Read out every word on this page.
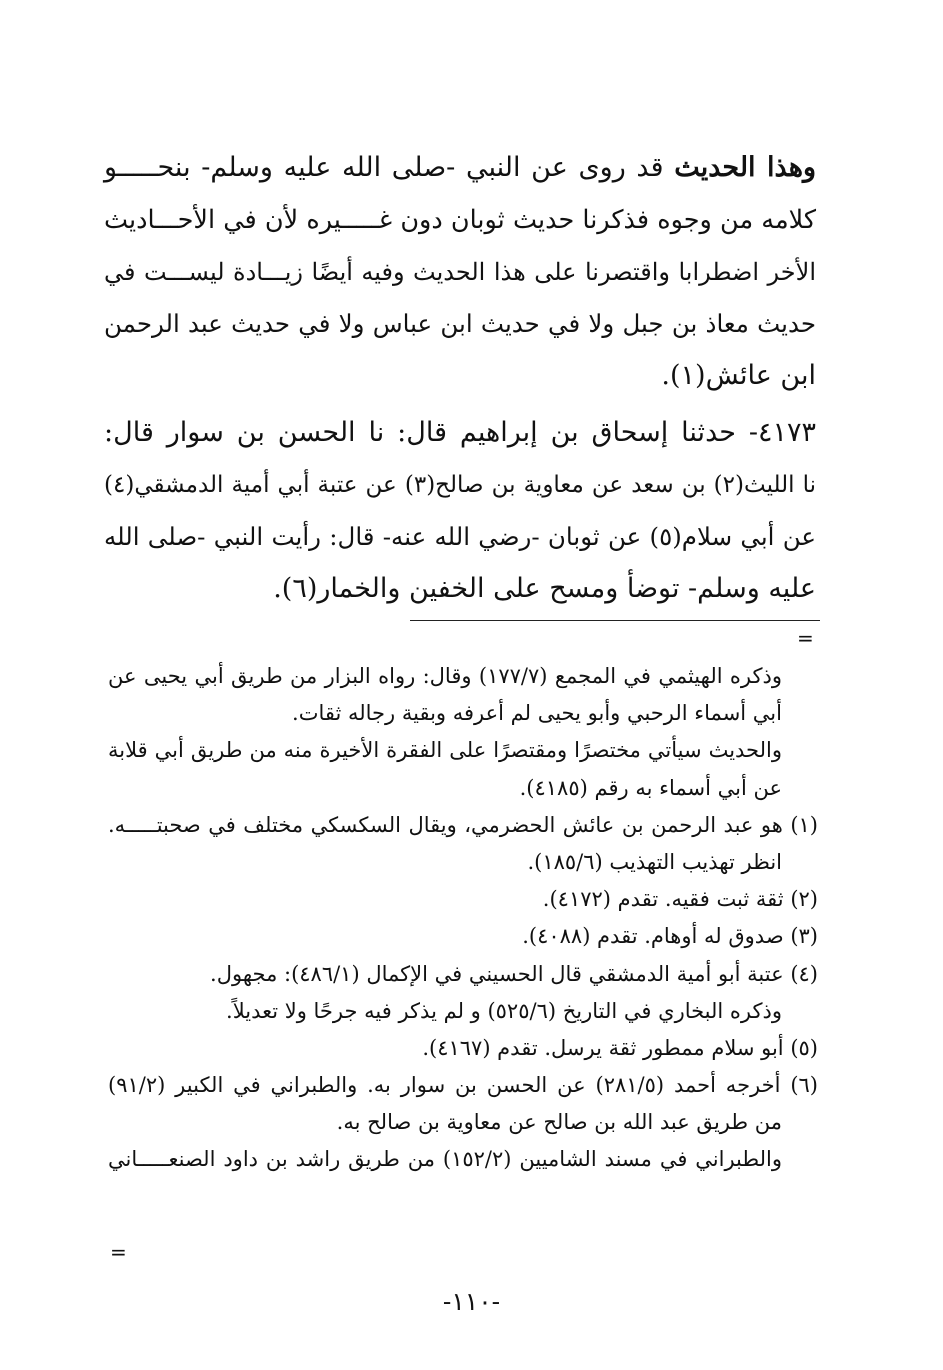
وهذا الحديث قد روى عن النبي -صلى الله عليه وسلم- بنحـــــو
كلامه من وجوه فذكرنا حديث ثوبان دون غـــــيره لأن في الأحـــاديث
الأخر اضطرابا واقتصرنا على هذا الحديث وفيه أيضًا زيـــادة ليســـت في
حديث معاذ بن جبل ولا في حديث ابن عباس ولا في حديث عبد الرحمن
ابن عائش(١).
٤١٧٣- حدثنا إسحاق بن إبراهيم قال: نا الحسن بن سوار قال:
نا الليث(٢) بن سعد عن معاوية بن صالح(٣) عن عتبة أبي أمية الدمشقي(٤)
عن أبي سلام(٥) عن ثوبان -رضي الله عنه- قال: رأيت النبي -صلى الله
عليه وسلم- توضأ ومسح على الخفين والخمار(٦).
=
وذكره الهيثمي في المجمع (١٧٧/٧) وقال: رواه البزار من طريق أبي يحيى عن
أبي أسماء الرحبي وأبو يحيى لم أعرفه وبقية رجاله ثقات.
والحديث سيأتي مختصرًا ومقتصرًا على الفقرة الأخيرة منه من طريق أبي قلابة
عن أبي أسماء به رقم (٤١٨٥).
(١) هو عبد الرحمن بن عائش الحضرمي، ويقال السكسكي مختلف في صحبتـــــه.
انظر تهذيب التهذيب (١٨٥/٦).
(٢) ثقة ثبت فقيه. تقدم (٤١٧٢).
(٣) صدوق له أوهام. تقدم (٤٠٨٨).
(٤) عتبة أبو أمية الدمشقي قال الحسيني في الإكمال (٤٨٦/١): مجهول.
وذكره البخاري في التاريخ (٥٢٥/٦) و لم يذكر فيه جرحًا ولا تعديلاً.
(٥) أبو سلام ممطور ثقة يرسل. تقدم (٤١٦٧).
(٦) أخرجه أحمد (٢٨١/٥) عن الحسن بن سوار به. والطبراني في الكبير (٩١/٢)
من طريق عبد الله بن صالح عن معاوية بن صالح به.
والطبراني في مسند الشاميين (١٥٢/٢) من طريق راشد بن داود الصنعـــــاني
=
-١١٠-
